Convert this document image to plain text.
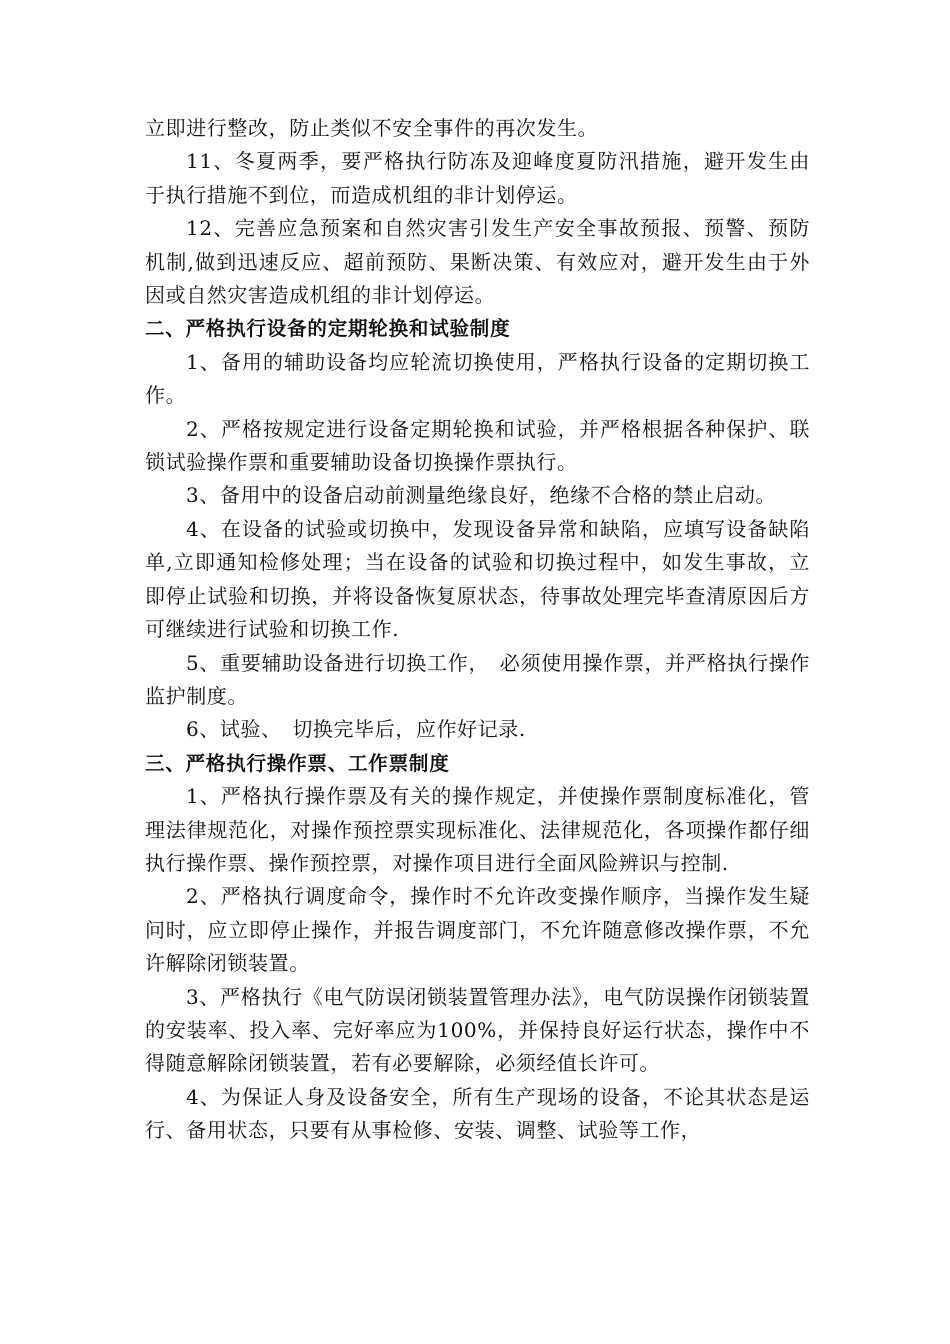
立即进行整改，防止类似不安全事件的再次发生。

11、冬夏两季，要严格执行防冻及迎峰度夏防汛措施，避开发生由于执行措施不到位，而造成机组的非计划停运。

12、完善应急预案和自然灾害引发生产安全事故预报、预警、预防机制,做到迅速反应、超前预防、果断决策、有效应对，避开发生由于外因或自然灾害造成机组的非计划停运。

二、严格执行设备的定期轮换和试验制度

1、备用的辅助设备均应轮流切换使用，严格执行设备的定期切换工作。

2、严格按规定进行设备定期轮换和试验，并严格根据各种保护、联锁试验操作票和重要辅助设备切换操作票执行。

3、备用中的设备启动前测量绝缘良好，绝缘不合格的禁止启动。

4、在设备的试验或切换中，发现设备异常和缺陷，应填写设备缺陷单,立即通知检修处理；当在设备的试验和切换过程中，如发生事故，立即停止试验和切换，并将设备恢复原状态，待事故处理完毕查清原因后方可继续进行试验和切换工作.

5、重要辅助设备进行切换工作，　必须使用操作票，并严格执行操作监护制度。

6、试验、　切换完毕后，应作好记录.

三、严格执行操作票、工作票制度

1、严格执行操作票及有关的操作规定，并使操作票制度标准化，管理法律规范化，对操作预控票实现标准化、法律规范化，各项操作都仔细执行操作票、操作预控票，对操作项目进行全面风险辨识与控制.

2、严格执行调度命令，操作时不允许改变操作顺序，当操作发生疑问时，应立即停止操作，并报告调度部门，不允许随意修改操作票，不允许解除闭锁装置。

3、严格执行《电气防误闭锁装置管理办法》，电气防误操作闭锁装置的安装率、投入率、完好率应为100%，并保持良好运行状态，操作中不得随意解除闭锁装置，若有必要解除，必须经值长许可。

4、为保证人身及设备安全，所有生产现场的设备，不论其状态是运行、备用状态，只要有从事检修、安装、调整、试验等工作，
